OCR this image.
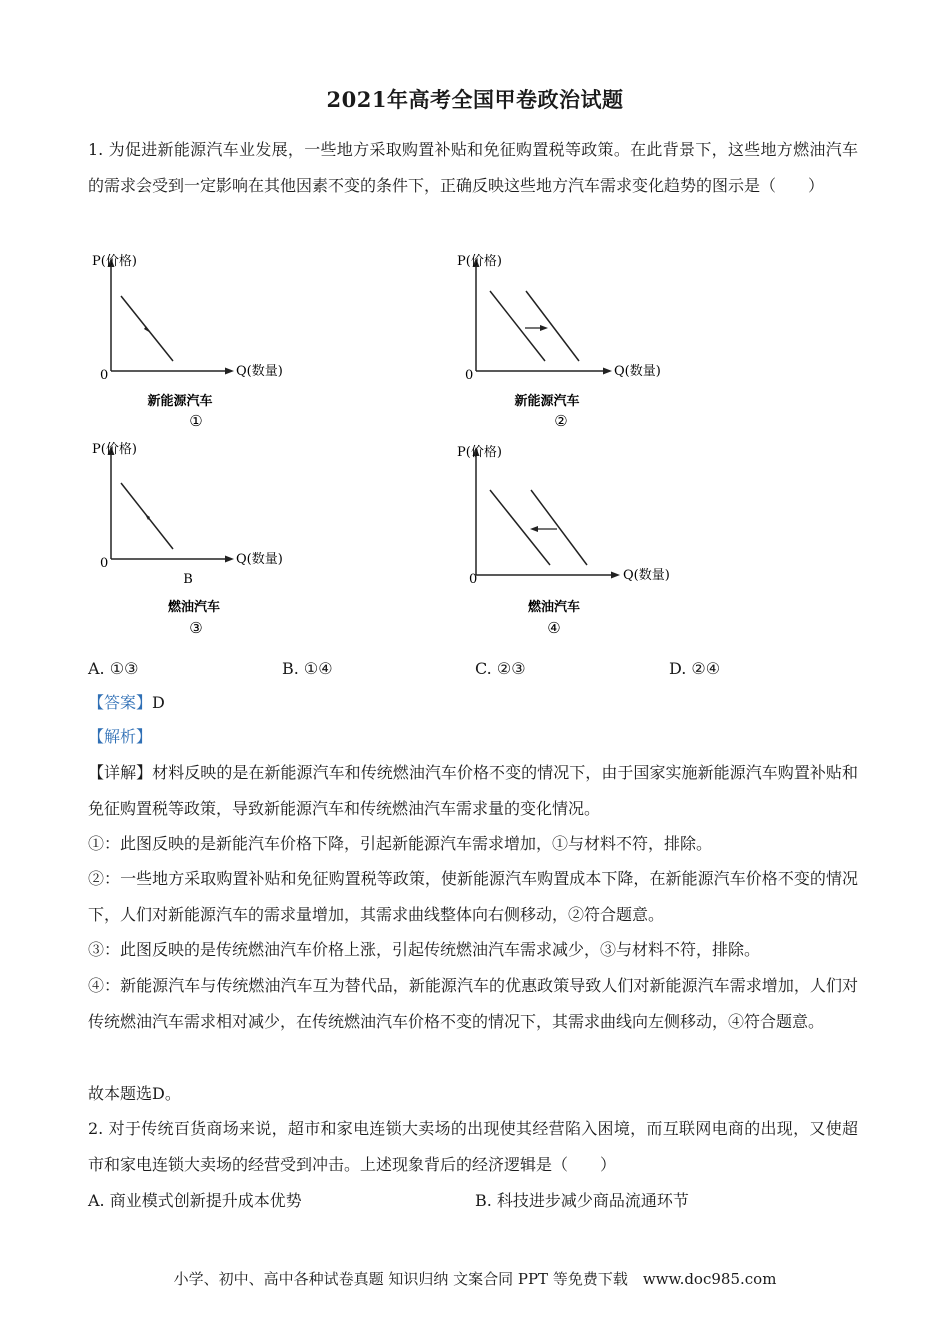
2021年高考全国甲卷政治试题
1. 为促进新能源汽车业发展，一些地方采取购置补贴和免征购置税等政策。在此背景下，这些地方燃油汽车的需求会受到一定影响在其他因素不变的条件下，正确反映这些地方汽车需求变化趋势的图示是（　　）
P(价格)
Q(数量)
0
新能源汽车
①
P(价格)
Q(数量)
0
新能源汽车
②
P(价格)
Q(数量)
0
B
燃油汽车
③
P(价格)
Q(数量)
0
燃油汽车
④
A. ①③	B. ①④	C. ②③	D. ②④
【答案】D
【解析】
【详解】材料反映的是在新能源汽车和传统燃油汽车价格不变的情况下，由于国家实施新能源汽车购置补贴和免征购置税等政策，导致新能源汽车和传统燃油汽车需求量的变化情况。
①：此图反映的是新能汽车价格下降，引起新能源汽车需求增加，①与材料不符，排除。
②：一些地方采取购置补贴和免征购置税等政策，使新能源汽车购置成本下降，在新能源汽车价格不变的情况下，人们对新能源汽车的需求量增加，其需求曲线整体向右侧移动，②符合题意。
③：此图反映的是传统燃油汽车价格上涨，引起传统燃油汽车需求减少，③与材料不符，排除。
④：新能源汽车与传统燃油汽车互为替代品，新能源汽车的优惠政策导致人们对新能源汽车需求增加，人们对传统燃油汽车需求相对减少，在传统燃油汽车价格不变的情况下，其需求曲线向左侧移动，④符合题意。
故本题选D。
2. 对于传统百货商场来说，超市和家电连锁大卖场的出现使其经营陷入困境，而互联网电商的出现，又使超市和家电连锁大卖场的经营受到冲击。上述现象背后的经济逻辑是（　　）
A. 商业模式创新提升成本优势	B. 科技进步减少商品流通环节
小学、初中、高中各种试卷真题 知识归纳 文案合同 PPT 等免费下载　www.doc985.com
